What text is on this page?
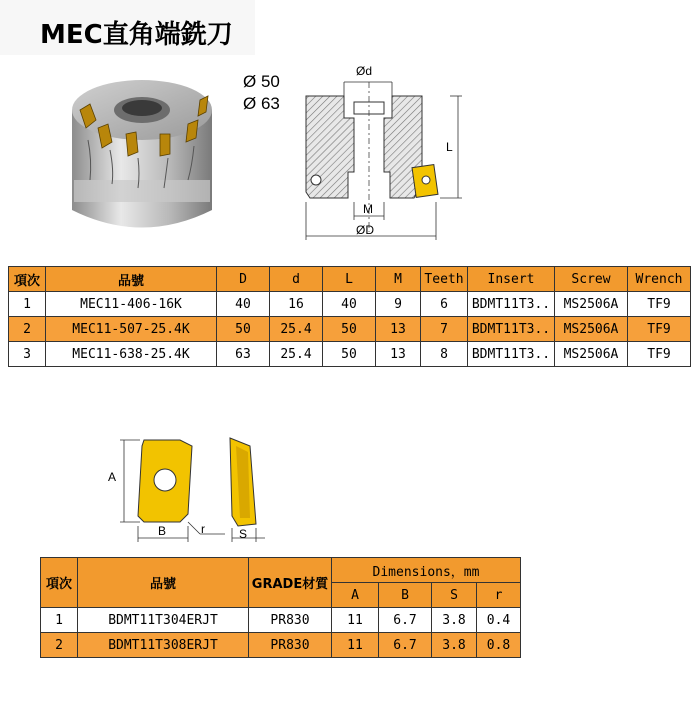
MEC直角端銑刀
Ø 50
Ø 63
Ød
M
ØD
L
項次	品號	D	d	L	M	Teeth	Insert	Screw	Wrench
1	MEC11-406-16K	40	16	40	9	6	BDMT11T3..	MS2506A	TF9
2	MEC11-507-25.4K	50	25.4	50	13	7	BDMT11T3..	MS2506A	TF9
3	MEC11-638-25.4K	63	25.4	50	13	8	BDMT11T3..	MS2506A	TF9
A
B	r	S
項次	品號	GRADE材質	Dimensions，mm			
			A	B	S	r
1	BDMT11T304ERJT	PR830	11	6.7	3.8	0.4
2	BDMT11T308ERJT	PR830	11	6.7	3.8	0.8
